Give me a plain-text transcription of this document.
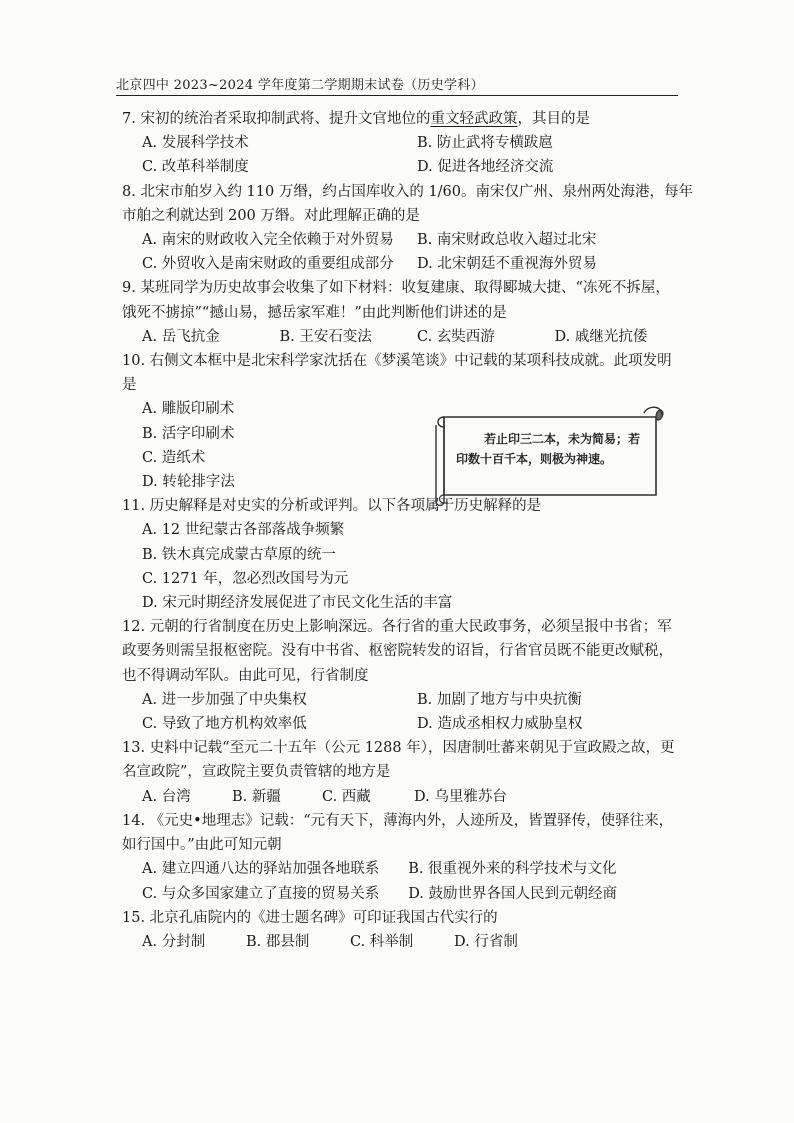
北京四中 2023~2024 学年度第二学期期末试卷（历史学科）
7. 宋初的统治者采取抑制武将、提升文官地位的重文轻武政策，其目的是
A. 发展科学技术	B. 防止武将专横跋扈
C. 改革科举制度	D. 促进各地经济交流
8. 北宋市舶岁入约 110 万缗，约占国库收入的 1/60。南宋仅广州、泉州两处海港，每年
市舶之利就达到 200 万缗。对此理解正确的是
A. 南宋的财政收入完全依赖于对外贸易	B. 南宋财政总收入超过北宋
C. 外贸收入是南宋财政的重要组成部分	D. 北宋朝廷不重视海外贸易
9. 某班同学为历史故事会收集了如下材料：收复建康、取得郾城大捷、“冻死不拆屋，
饿死不掳掠”“撼山易，撼岳家军难！”由此判断他们讲述的是
A. 岳飞抗金	B. 王安石变法	C. 玄奘西游	D. 戚继光抗倭
10. 右侧文本框中是北宋科学家沈括在《梦溪笔谈》中记载的某项科技成就。此项发明
是
A. 雕版印刷术
B. 活字印刷术
C. 造纸术
D. 转轮排字法
若止印三二本，未为简易；若印数十百千本，则极为神速。
11. 历史解释是对史实的分析或评判。以下各项属于历史解释的是
A. 12 世纪蒙古各部落战争频繁
B. 铁木真完成蒙古草原的统一
C. 1271 年，忽必烈改国号为元
D. 宋元时期经济发展促进了市民文化生活的丰富
12. 元朝的行省制度在历史上影响深远。各行省的重大民政事务，必须呈报中书省；军
政要务则需呈报枢密院。没有中书省、枢密院转发的诏旨，行省官员既不能更改赋税，
也不得调动军队。由此可见，行省制度
A. 进一步加强了中央集权	B. 加剧了地方与中央抗衡
C. 导致了地方机构效率低	D. 造成丞相权力威胁皇权
13. 史料中记载“至元二十五年（公元 1288 年），因唐制吐蕃来朝见于宣政殿之故，更
名宣政院”，宣政院主要负责管辖的地方是
A. 台湾	B. 新疆	C. 西藏	D. 乌里雅苏台
14. 《元史•地理志》记载：“元有天下，薄海内外，人迹所及，皆置驿传，使驿往来，
如行国中。”由此可知元朝
A. 建立四通八达的驿站加强各地联系	B. 很重视外来的科学技术与文化
C. 与众多国家建立了直接的贸易关系	D. 鼓励世界各国人民到元朝经商
15. 北京孔庙院内的《进士题名碑》可印证我国古代实行的
A. 分封制	B. 郡县制	C. 科举制	D. 行省制
